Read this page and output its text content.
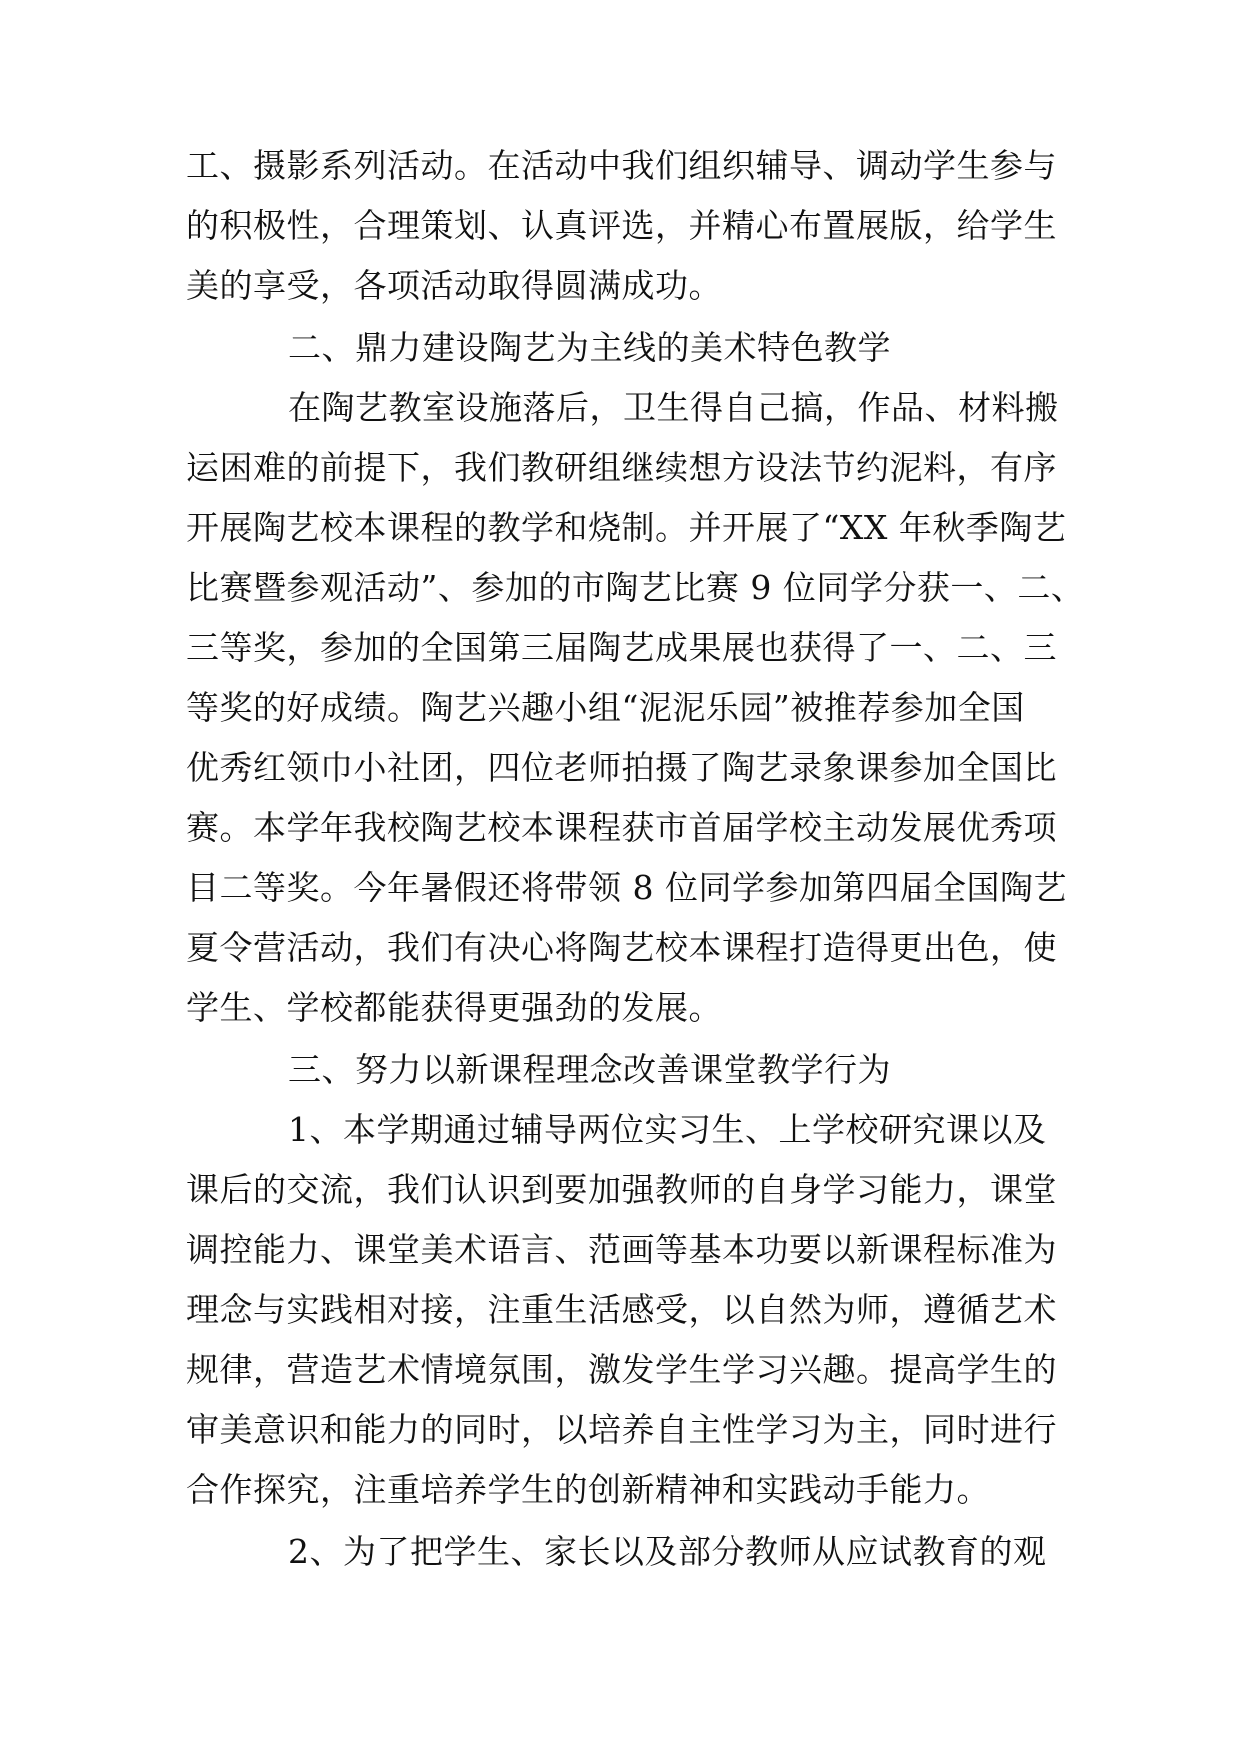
工、摄影系列活动。在活动中我们组织辅导、调动学生参与
的积极性，合理策划、认真评选，并精心布置展版，给学生
美的享受，各项活动取得圆满成功。
二、鼎力建设陶艺为主线的美术特色教学
在陶艺教室设施落后，卫生得自己搞，作品、材料搬
运困难的前提下，我们教研组继续想方设法节约泥料，有序
开展陶艺校本课程的教学和烧制。并开展了“XX 年秋季陶艺
比赛暨参观活动”、参加的市陶艺比赛 9 位同学分获一、二、
三等奖，参加的全国第三届陶艺成果展也获得了一、二、三
等奖的好成绩。陶艺兴趣小组“泥泥乐园”被推荐参加全国
优秀红领巾小社团，四位老师拍摄了陶艺录象课参加全国比
赛。本学年我校陶艺校本课程获市首届学校主动发展优秀项
目二等奖。今年暑假还将带领 8 位同学参加第四届全国陶艺
夏令营活动，我们有决心将陶艺校本课程打造得更出色，使
学生、学校都能获得更强劲的发展。
三、努力以新课程理念改善课堂教学行为
1、本学期通过辅导两位实习生、上学校研究课以及
课后的交流，我们认识到要加强教师的自身学习能力，课堂
调控能力、课堂美术语言、范画等基本功要以新课程标准为
理念与实践相对接，注重生活感受，以自然为师，遵循艺术
规律，营造艺术情境氛围，激发学生学习兴趣。提高学生的
审美意识和能力的同时，以培养自主性学习为主，同时进行
合作探究，注重培养学生的创新精神和实践动手能力。
2、为了把学生、家长以及部分教师从应试教育的观
